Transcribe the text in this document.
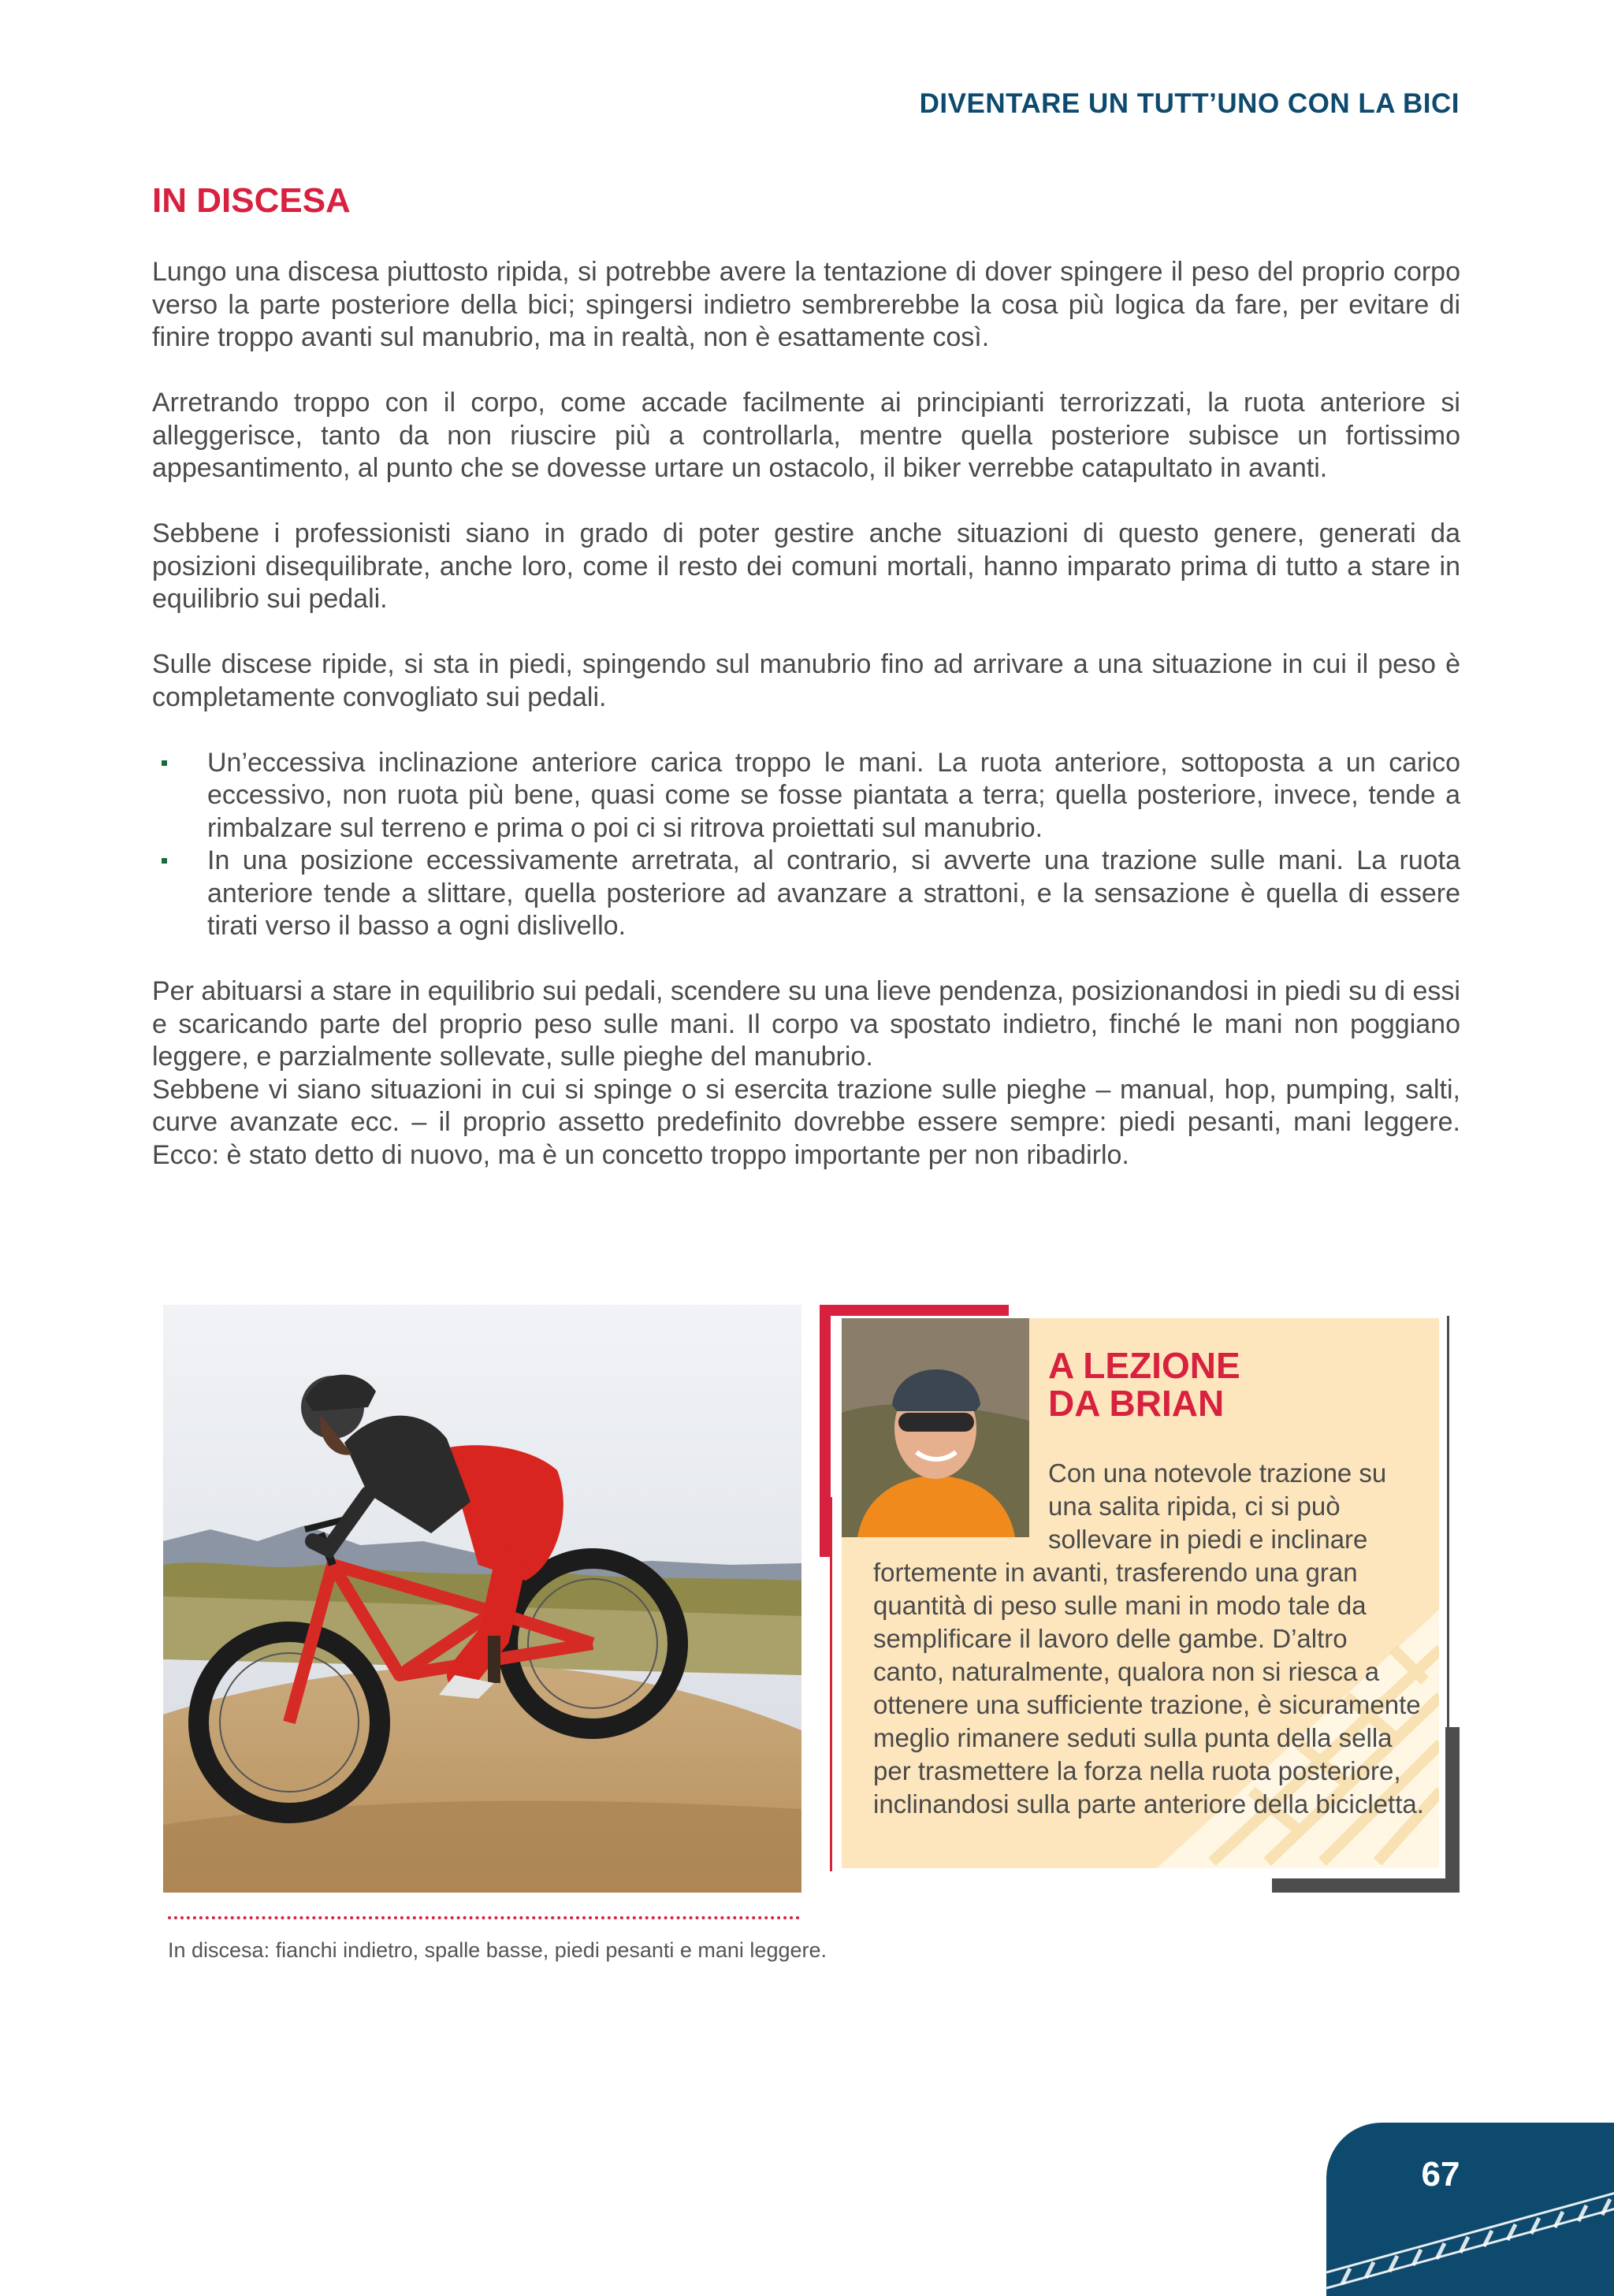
DIVENTARE UN TUTT’UNO CON LA BICI
IN DISCESA

Lungo una discesa piuttosto ripida, si potrebbe avere la tentazione di dover spingere il peso del proprio corpo verso la parte posteriore della bici; spingersi indietro sembrerebbe la cosa più logica da fare, per evitare di finire troppo avanti sul manubrio, ma in realtà, non è esattamente così.

Arretrando troppo con il corpo, come accade facilmente ai principianti terrorizzati, la ruota anteriore si alleggerisce, tanto da non riuscire più a controllarla, mentre quella posteriore subisce un fortissimo appesantimento, al punto che se dovesse urtare un ostacolo, il biker verrebbe catapultato in avanti.

Sebbene i professionisti siano in grado di poter gestire anche situazioni di questo genere, generati da posizioni disequilibrate, anche loro, come il resto dei comuni mortali, hanno imparato prima di tutto a stare in equilibrio sui pedali.

Sulle discese ripide, si sta in piedi, spingendo sul manubrio fino ad arrivare a una situazione in cui il peso è completamente convogliato sui pedali.

Un’eccessiva inclinazione anteriore carica troppo le mani. La ruota anteriore, sottoposta a un carico eccessivo, non ruota più bene, quasi come se fosse piantata a terra; quella posteriore, invece, tende a rimbalzare sul terreno e prima o poi ci si ritrova proiettati sul manubrio.
In una posizione eccessivamente arretrata, al contrario, si avverte una trazione sulle mani. La ruota anteriore tende a slittare, quella posteriore ad avanzare a strattoni, e la sensazione è quella di essere tirati verso il basso a ogni dislivello.

Per abituarsi a stare in equilibrio sui pedali, scendere su una lieve pendenza, posizionandosi in piedi su di essi e scaricando parte del proprio peso sulle mani. Il corpo va spostato indietro, finché le mani non poggiano leggere, e parzialmente sollevate, sulle pieghe del manubrio.

Sebbene vi siano situazioni in cui si spinge o si esercita trazione sulle pieghe – manual, hop, pumping, salti, curve avanzate ecc. – il proprio assetto predefinito dovrebbe essere sempre: piedi pesanti, mani leggere. Ecco: è stato detto di nuovo, ma è un concetto troppo importante per non ribadirlo.

In discesa: fianchi indietro, spalle basse, piedi pesanti e mani leggere.
A LEZIONE
DA BRIAN
Con una notevole trazione su una salita ripida, ci si può sollevare in piedi e inclinare fortemente in avanti, trasferendo una gran quantità di peso sulle mani in modo tale da semplificare il lavoro delle gambe. D’altro canto, naturalmente, qualora non si riesca a ottenere una sufficiente trazione, è sicuramente meglio rimanere seduti sulla punta della sella per trasmettere la forza nella ruota posteriore, inclinandosi sulla parte anteriore della bicicletta.
67
